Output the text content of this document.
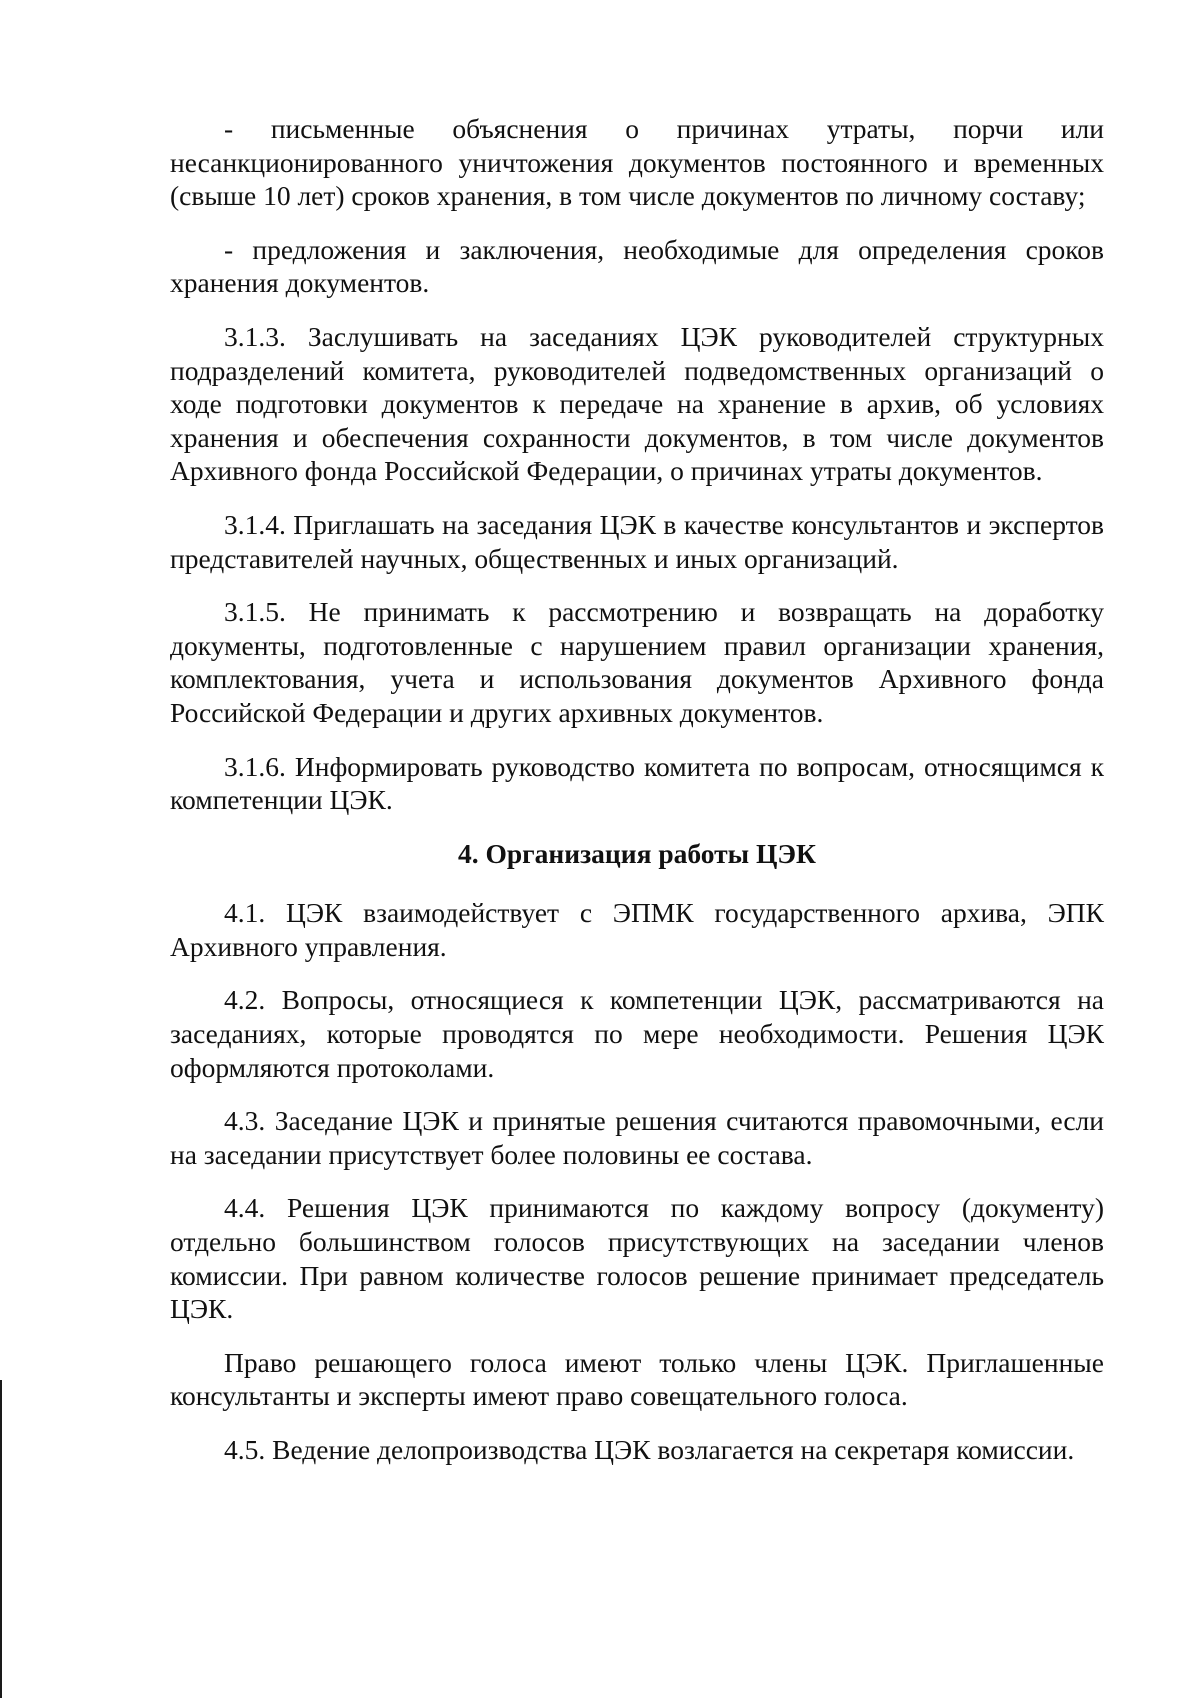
- письменные объяснения о причинах утраты, порчи или несанкционированного уничтожения документов постоянного и временных (свыше 10 лет) сроков хранения, в том числе документов по личному составу;

- предложения и заключения, необходимые для определения сроков хранения документов.

3.1.3. Заслушивать на заседаниях ЦЭК руководителей структурных подразделений комитета, руководителей подведомственных организаций о ходе подготовки документов к передаче на хранение в архив, об условиях хранения и обеспечения сохранности документов, в том числе документов Архивного фонда Российской Федерации, о причинах утраты документов.

3.1.4. Приглашать на заседания ЦЭК в качестве консультантов и экспертов представителей научных, общественных и иных организаций.

3.1.5. Не принимать к рассмотрению и возвращать на доработку документы, подготовленные с нарушением правил организации хранения, комплектования, учета и использования документов Архивного фонда Российской Федерации и других архивных документов.

3.1.6. Информировать руководство комитета по вопросам, относящимся к компетенции ЦЭК.

4. Организация работы ЦЭК

4.1. ЦЭК взаимодействует с ЭПМК государственного архива, ЭПК Архивного управления.

4.2. Вопросы, относящиеся к компетенции ЦЭК, рассматриваются на заседаниях, которые проводятся по мере необходимости. Решения ЦЭК оформляются протоколами.

4.3. Заседание ЦЭК и принятые решения считаются правомочными, если на заседании присутствует более половины ее состава.

4.4. Решения ЦЭК принимаются по каждому вопросу (документу) отдельно большинством голосов присутствующих на заседании членов комиссии. При равном количестве голосов решение принимает председатель ЦЭК.

Право решающего голоса имеют только члены ЦЭК. Приглашенные консультанты и эксперты имеют право совещательного голоса.

4.5. Ведение делопроизводства ЦЭК возлагается на секретаря комиссии.
